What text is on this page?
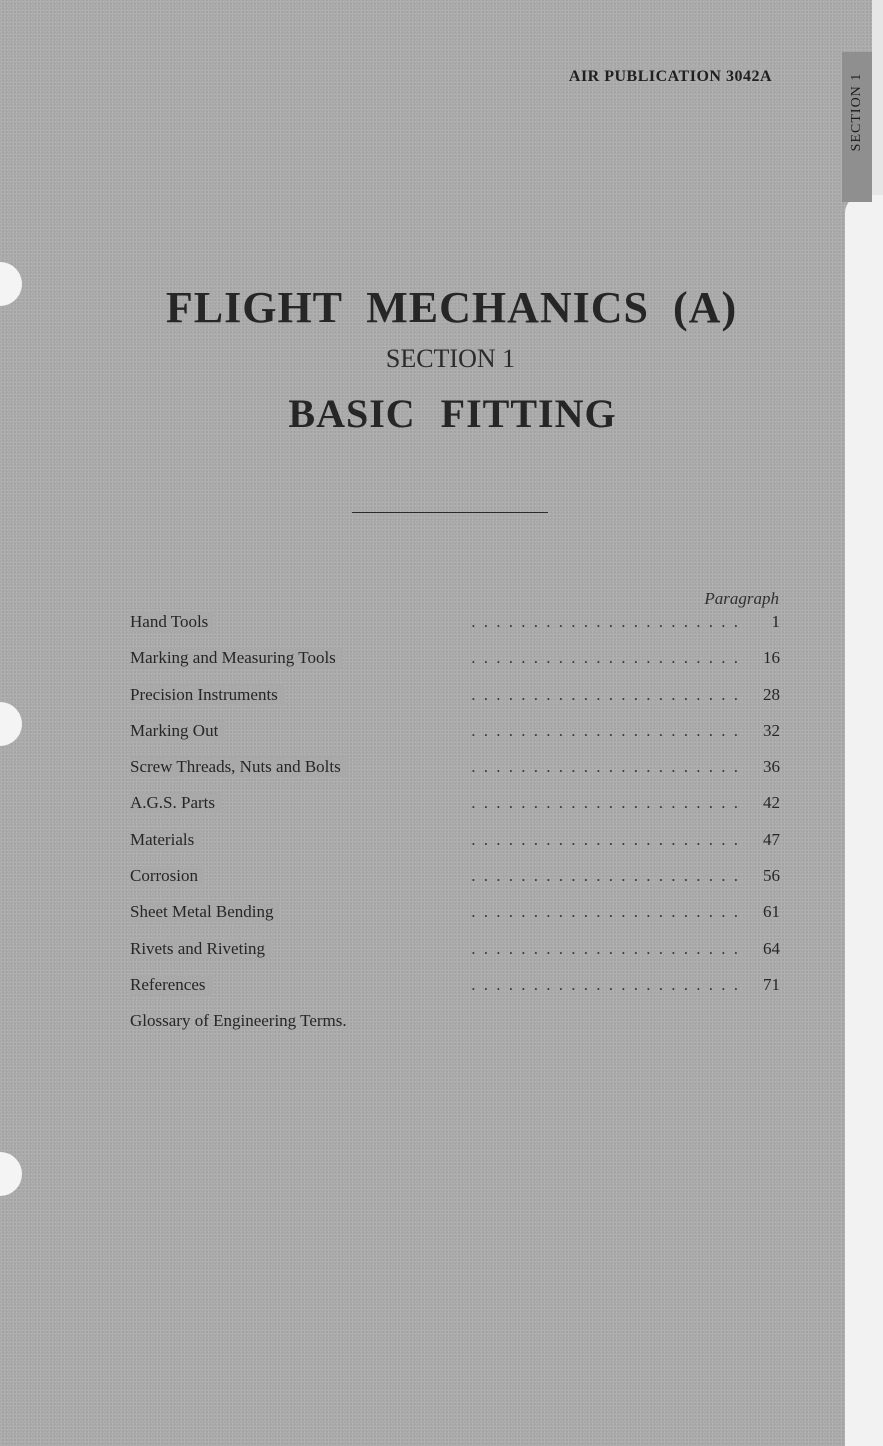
SECTION 1
AIR PUBLICATION 3042A
FLIGHT MECHANICS (A)
SECTION 1
BASIC FITTING
Paragraph
. . . . . . . . . . . . . . . . . . . . . .
Hand Tools	1
. . . . . . . . . . . . . . . . . . . . . .
Marking and Measuring Tools	16
. . . . . . . . . . . . . . . . . . . . . .
Precision Instruments	28
. . . . . . . . . . . . . . . . . . . . . .
Marking Out	32
. . . . . . . . . . . . . . . . . . . . . .
Screw Threads, Nuts and Bolts	36
. . . . . . . . . . . . . . . . . . . . . .
A.G.S. Parts	42
. . . . . . . . . . . . . . . . . . . . . .
Materials	47
. . . . . . . . . . . . . . . . . . . . . .
Corrosion	56
. . . . . . . . . . . . . . . . . . . . . .
Sheet Metal Bending	61
. . . . . . . . . . . . . . . . . . . . . .
Rivets and Riveting	64
. . . . . . . . . . . . . . . . . . . . . .
References	71
Glossary of Engineering Terms.
